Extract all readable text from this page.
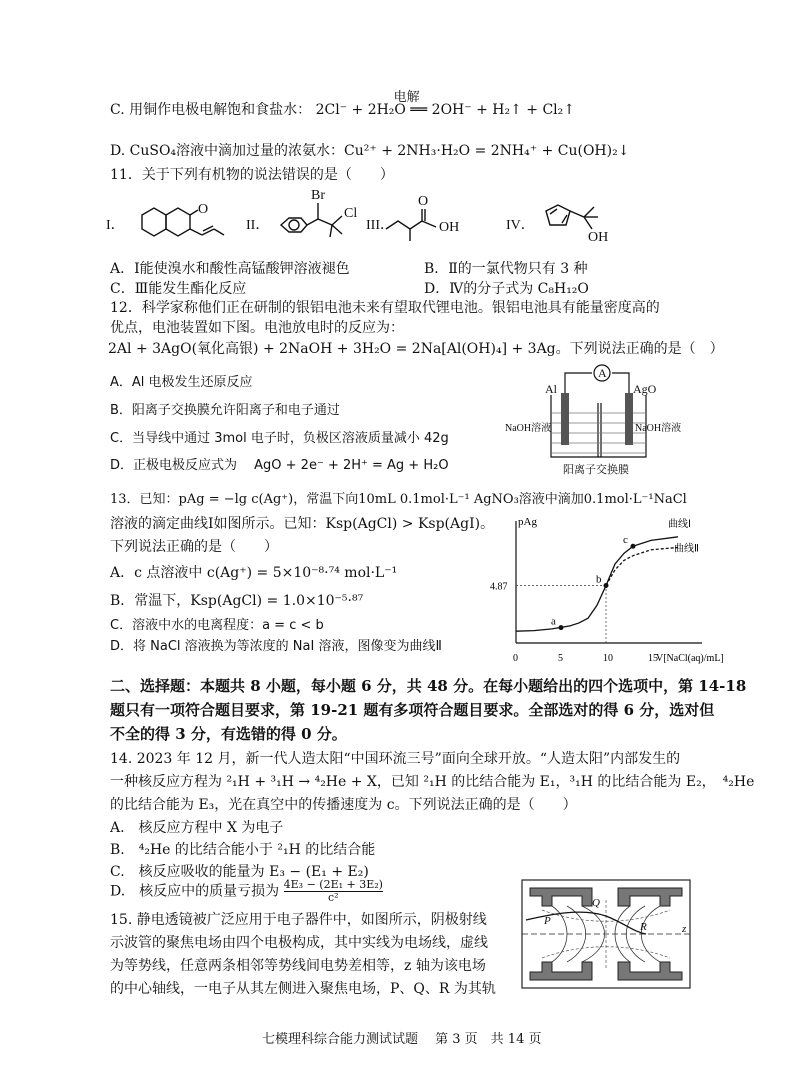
C. 用铜作电极电解饱和食盐水：
电解
2Cl⁻ + 2H₂O ══ 2OH⁻ + H₂↑ + Cl₂↑
D. CuSO₄溶液中滴加过量的浓氨水：Cu²⁺ + 2NH₃·H₂O = 2NH₄⁺ + Cu(OH)₂↓
11．关于下列有机物的说法错误的是（　　）
I．
O
II．
Br
Cl
III．
O
OH	IV．
OH
A．Ⅰ能使溴水和酸性高锰酸钾溶液褪色	B．Ⅱ的一氯代物只有 3 种
C．Ⅲ能发生酯化反应	D．Ⅳ的分子式为 C₈H₁₂O
12．科学家称他们正在研制的银铝电池未来有望取代锂电池。银铝电池具有能量密度高的
优点，电池装置如下图。电池放电时的反应为：
2Al + 3AgO(氧化高银) + 2NaOH + 3H₂O = 2Na[Al(OH)₄] + 3Ag。下列说法正确的是（　）
A．Al 电极发生还原反应
B．阳离子交换膜允许阳离子和电子通过
C．当导线中通过 3mol 电子时，负极区溶液质量减小 42g
D．正极电极反应式为　 AgO + 2e⁻ + 2H⁺ = Ag + H₂O
A
Al	AgO
NaOH溶液	NaOH溶液
阳离子交换膜
13．已知：pAg = −lg c(Ag⁺)，常温下向10mL 0.1mol·L⁻¹ AgNO₃溶液中滴加0.1mol·L⁻¹NaCl
溶液的滴定曲线Ⅰ如图所示。已知：Ksp(AgCl) > Ksp(AgI)。
下列说法正确的是（　　）
A．c 点溶液中 c(Ag⁺) = 5×10⁻⁸·⁷⁴ mol·L⁻¹
B．常温下，Ksp(AgCl) = 1.0×10⁻⁵·⁸⁷
C．溶液中水的电离程度：a = c < b
D．将 NaCl 溶液换为等浓度的 NaI 溶液，图像变为曲线Ⅱ
pAg
V[NaCl(aq)/mL]
0	5	10	15
4.87
曲线Ⅰ
曲线Ⅱ
a
b
c
二、选择题：本题共 8 小题，每小题 6 分，共 48 分。在每小题给出的四个选项中，第 14-18
题只有一项符合题目要求，第 19-21 题有多项符合题目要求。全部选对的得 6 分，选对但
不全的得 3 分，有选错的得 0 分。
14. 2023 年 12 月，新一代人造太阳“中国环流三号”面向全球开放。“人造太阳”内部发生的
一种核反应方程为 ²₁H + ³₁H → ⁴₂He + X，已知 ²₁H 的比结合能为 E₁，³₁H 的比结合能为 E₂，　⁴₂He
的比结合能为 E₃，光在真空中的传播速度为 c。下列说法正确的是（　　）
A.　核反应方程中 X 为电子
B.　⁴₂He 的比结合能小于 ²₁H 的比结合能
C.　核反应吸收的能量为 E₃ − (E₁ + E₂)
D.　核反应中的质量亏损为 $\frac{\text{4E₃ − (2E₁ + 3E₂)}}{\text{c²}}$
15. 静电透镜被广泛应用于电子器件中，如图所示，阴极射线
示波管的聚焦电场由四个电极构成，其中实线为电场线，虚线
为等势线，任意两条相邻等势线间电势差相等，z 轴为该电场
的中心轴线，一电子从其左侧进入聚焦电场，P、Q、R 为其轨
P
Q
R	z
七模理科综合能力测试试题　 第 3 页　共 14 页
